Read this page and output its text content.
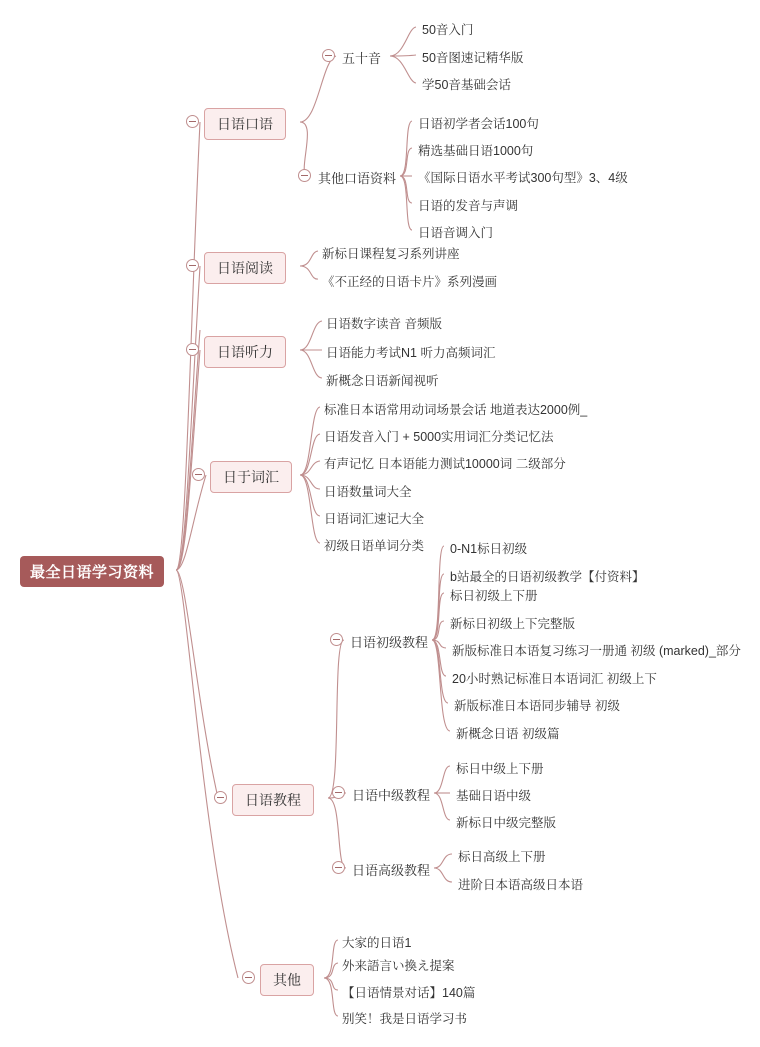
最全日语学习资料
日语口语
五十音
50音入门
50音图速记精华版
学50音基础会话
其他口语资料
日语初学者会话100句
精选基础日语1000句
《国际日语水平考试300句型》3、4级
日语的发音与声调
日语音调入门
日语阅读
新标日课程复习系列讲座
《不正经的日语卡片》系列漫画
日语听力
日语数字读音 音频版
日语能力考试N1 听力高频词汇
新概念日语新闻视听
日于词汇
标准日本语常用动词场景会话 地道表达2000例_
日语发音入门 + 5000实用词汇分类记忆法
有声记忆 日本语能力测试10000词 二级部分
日语数量词大全
日语词汇速记大全
初级日语单词分类
日语教程
日语初级教程
0-N1标日初级
b站最全的日语初级教学【付资料】
标日初级上下册
新标日初级上下完整版
新版标准日本语复习练习一册通 初级 (marked)_部分
20小时熟记标准日本语词汇 初级上下
新版标准日本语同步辅导 初级
新概念日语 初级篇
日语中级教程
标日中级上下册
基础日语中级
新标日中级完整版
日语高级教程
标日高级上下册
进阶日本语高级日本语
其他
大家的日语1
外来語言い換え提案
【日语情景对话】140篇
别笑！我是日语学习书
